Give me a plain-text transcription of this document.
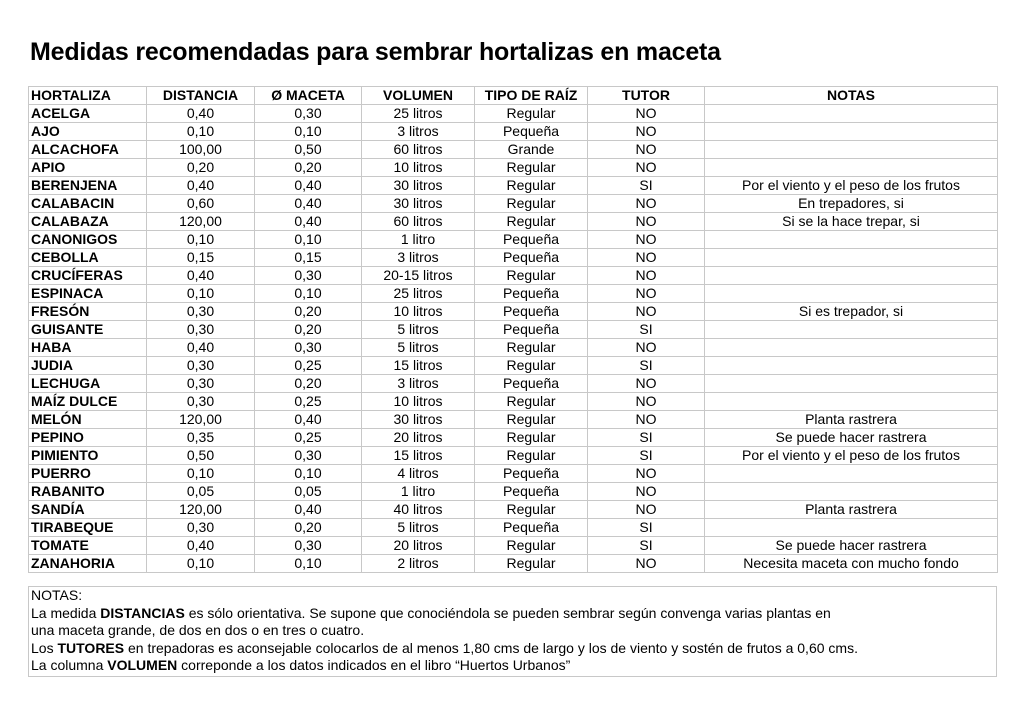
Medidas recomendadas para sembrar hortalizas en maceta
HORTALIZA	DISTANCIA	Ø MACETA	VOLUMEN	TIPO DE RAÍZ	TUTOR	NOTAS
ACELGA	0,40	0,30	25 litros	Regular	NO	
AJO	0,10	0,10	3 litros	Pequeña	NO	
ALCACHOFA	100,00	0,50	60 litros	Grande	NO	
APIO	0,20	0,20	10 litros	Regular	NO	
BERENJENA	0,40	0,40	30 litros	Regular	SI	Por el viento y el peso de los frutos
CALABACIN	0,60	0,40	30 litros	Regular	NO	En trepadores, si
CALABAZA	120,00	0,40	60 litros	Regular	NO	Si se la hace trepar, si
CANONIGOS	0,10	0,10	1 litro	Pequeña	NO	
CEBOLLA	0,15	0,15	3 litros	Pequeña	NO	
CRUCÍFERAS	0,40	0,30	20-15 litros	Regular	NO	
ESPINACA	0,10	0,10	25 litros	Pequeña	NO	
FRESÓN	0,30	0,20	10 litros	Pequeña	NO	Si es trepador, si
GUISANTE	0,30	0,20	5 litros	Pequeña	SI	
HABA	0,40	0,30	5 litros	Regular	NO	
JUDIA	0,30	0,25	15 litros	Regular	SI	
LECHUGA	0,30	0,20	3 litros	Pequeña	NO	
MAÍZ DULCE	0,30	0,25	10 litros	Regular	NO	
MELÓN	120,00	0,40	30 litros	Regular	NO	Planta rastrera
PEPINO	0,35	0,25	20 litros	Regular	SI	Se puede hacer rastrera
PIMIENTO	0,50	0,30	15 litros	Regular	SI	Por el viento y el peso de los frutos
PUERRO	0,10	0,10	4 litros	Pequeña	NO	
RABANITO	0,05	0,05	1 litro	Pequeña	NO	
SANDÍA	120,00	0,40	40 litros	Regular	NO	Planta rastrera
TIRABEQUE	0,30	0,20	5 litros	Pequeña	SI	
TOMATE	0,40	0,30	20 litros	Regular	SI	Se puede hacer rastrera
ZANAHORIA	0,10	0,10	2 litros	Regular	NO	Necesita maceta con mucho fondo
NOTAS:
La medida DISTANCIAS es sólo orientativa. Se supone que conociéndola se pueden sembrar según convenga varias plantas en
una maceta grande, de dos en dos o en tres o cuatro.
Los TUTORES en trepadoras es aconsejable colocarlos de al menos 1,80 cms de largo y los de viento y sostén de frutos a 0,60 cms.
La columna VOLUMEN correponde a los datos indicados en el libro “Huertos Urbanos”
